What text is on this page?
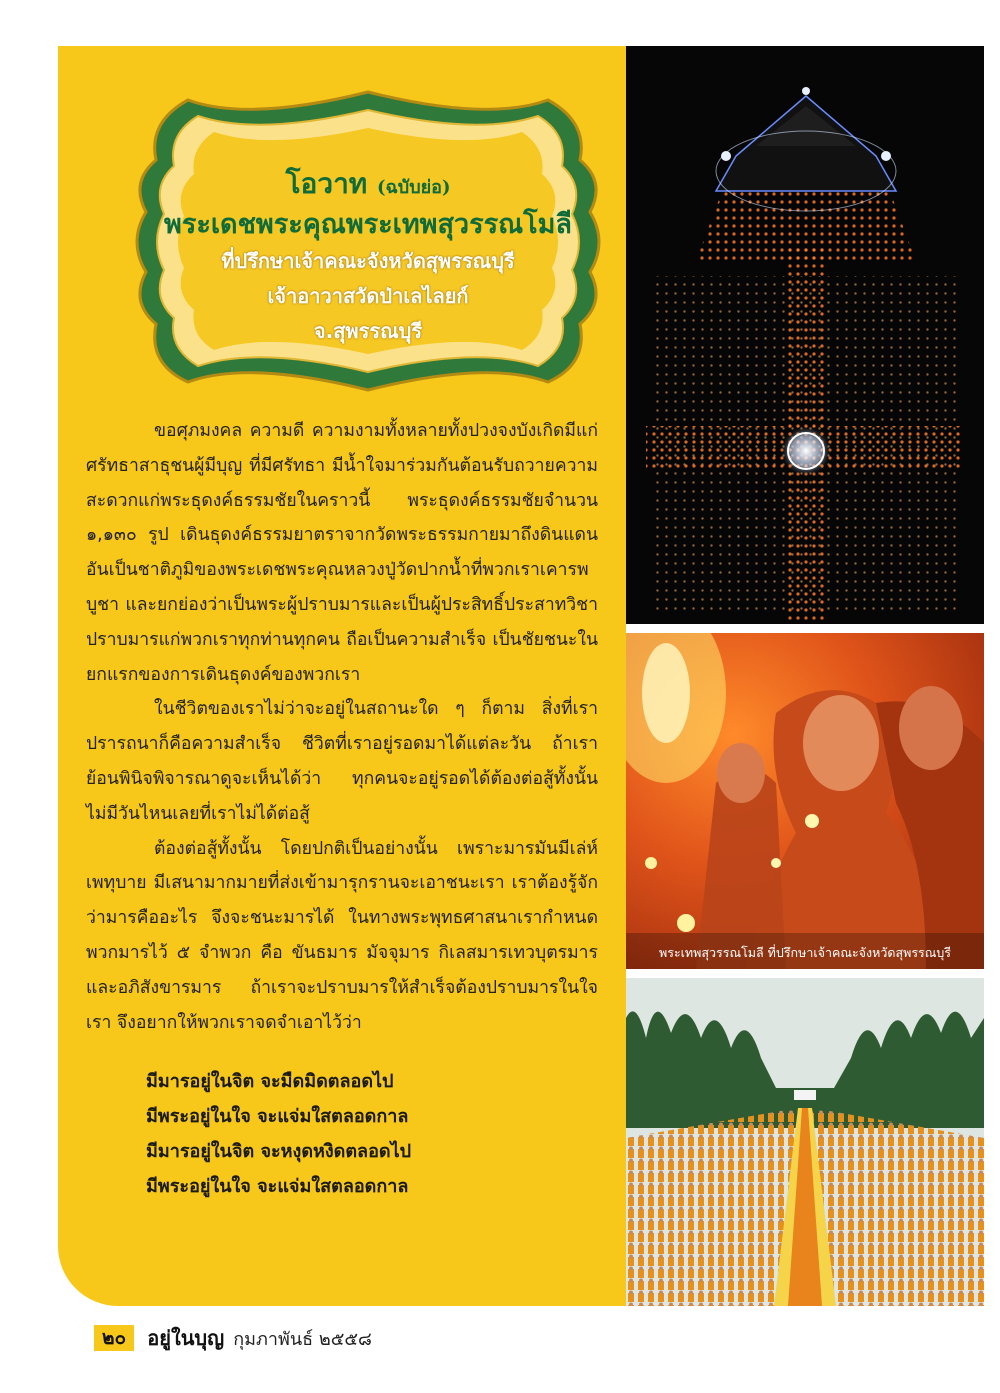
โอวาท (ฉบับย่อ)
พระเดชพระคุณพระเทพสุวรรณโมลี
ที่ปรึกษาเจ้าคณะจังหวัดสุพรรณบุรี
เจ้าอาวาสวัดป่าเลไลยก์
จ.สุพรรณบุรี

ขอศุภมงคล ความดี ความงามทั้งหลายทั้งปวงจงบังเกิดมีแก่ศรัทธาสาธุชนผู้มีบุญ ที่มีศรัทธา มีน้ำใจมาร่วมกันต้อนรับถวายความสะดวกแก่พระธุดงค์ธรรมชัยในคราวนี้ พระธุดงค์ธรรมชัยจำนวน ๑,๑๓๐ รูป เดินธุดงค์ธรรมยาตราจากวัดพระธรรมกายมาถึงดินแดนอันเป็นชาติภูมิของพระเดชพระคุณหลวงปู่วัดปากน้ำที่พวกเราเคารพบูชา และยกย่องว่าเป็นพระผู้ปราบมารและเป็นผู้ประสิทธิ์ประสาทวิชาปราบมารแก่พวกเราทุกท่านทุกคน ถือเป็นความสำเร็จ เป็นชัยชนะในยกแรกของการเดินธุดงค์ของพวกเรา

ในชีวิตของเราไม่ว่าจะอยู่ในสถานะใด ๆ ก็ตาม สิ่งที่เราปรารถนาก็คือความสำเร็จ ชีวิตที่เราอยู่รอดมาได้แต่ละวัน ถ้าเราย้อนพินิจพิจารณาดูจะเห็นได้ว่า ทุกคนจะอยู่รอดได้ต้องต่อสู้ทั้งนั้นไม่มีวันไหนเลยที่เราไม่ได้ต่อสู้

ต้องต่อสู้ทั้งนั้น โดยปกติเป็นอย่างนั้น เพราะมารมันมีเล่ห์เพทุบาย มีเสนามากมายที่ส่งเข้ามารุกรานจะเอาชนะเรา เราต้องรู้จักว่ามารคืออะไร จึงจะชนะมารได้ ในทางพระพุทธศาสนาเรากำหนดพวกมารไว้ ๕ จำพวก คือ ขันธมาร มัจจุมาร กิเลสมารเทวบุตรมาร และอภิสังขารมาร ถ้าเราจะปราบมารให้สำเร็จต้องปราบมารในใจเรา จึงอยากให้พวกเราจดจำเอาไว้ว่า

มีมารอยู่ในจิต จะมืดมิดตลอดไป
มีพระอยู่ในใจ จะแจ่มใสตลอดกาล
มีมารอยู่ในจิต จะหงุดหงิดตลอดไป
มีพระอยู่ในใจ จะแจ่มใสตลอดกาล
พระเทพสุวรรณโมลี ที่ปรึกษาเจ้าคณะจังหวัดสุพรรณบุรี
๒๐ อยู่ในบุญ กุมภาพันธ์ ๒๕๕๘
